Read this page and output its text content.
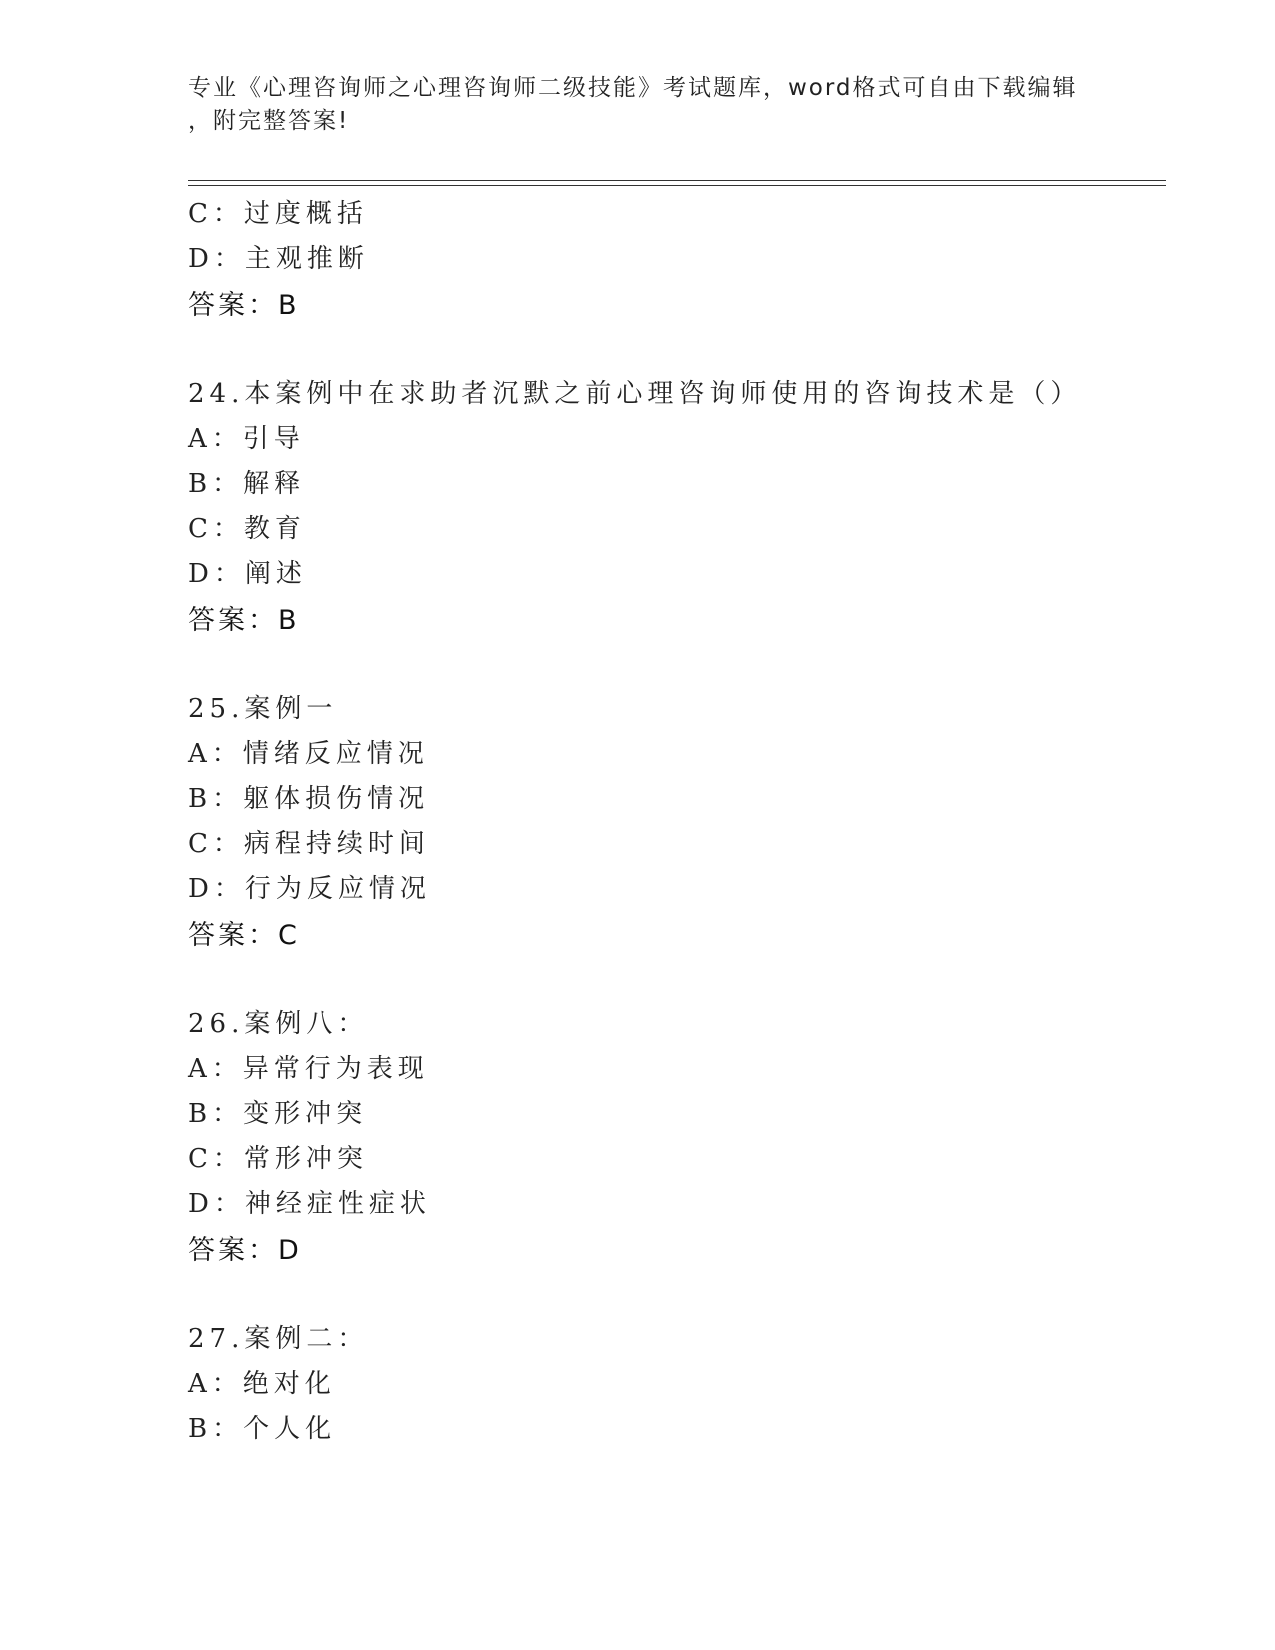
专业《心理咨询师之心理咨询师二级技能》考试题库，word格式可自由下载编辑
，附完整答案!
C：过度概括
D：主观推断
答案：B
24.本案例中在求助者沉默之前心理咨询师使用的咨询技术是（）
A：引导
B：解释
C：教育
D：阐述
答案：B
25.案例一
A：情绪反应情况
B：躯体损伤情况
C：病程持续时间
D：行为反应情况
答案：C
26.案例八：
A：异常行为表现
B：变形冲突
C：常形冲突
D：神经症性症状
答案：D
27.案例二：
A：绝对化
B：个人化
